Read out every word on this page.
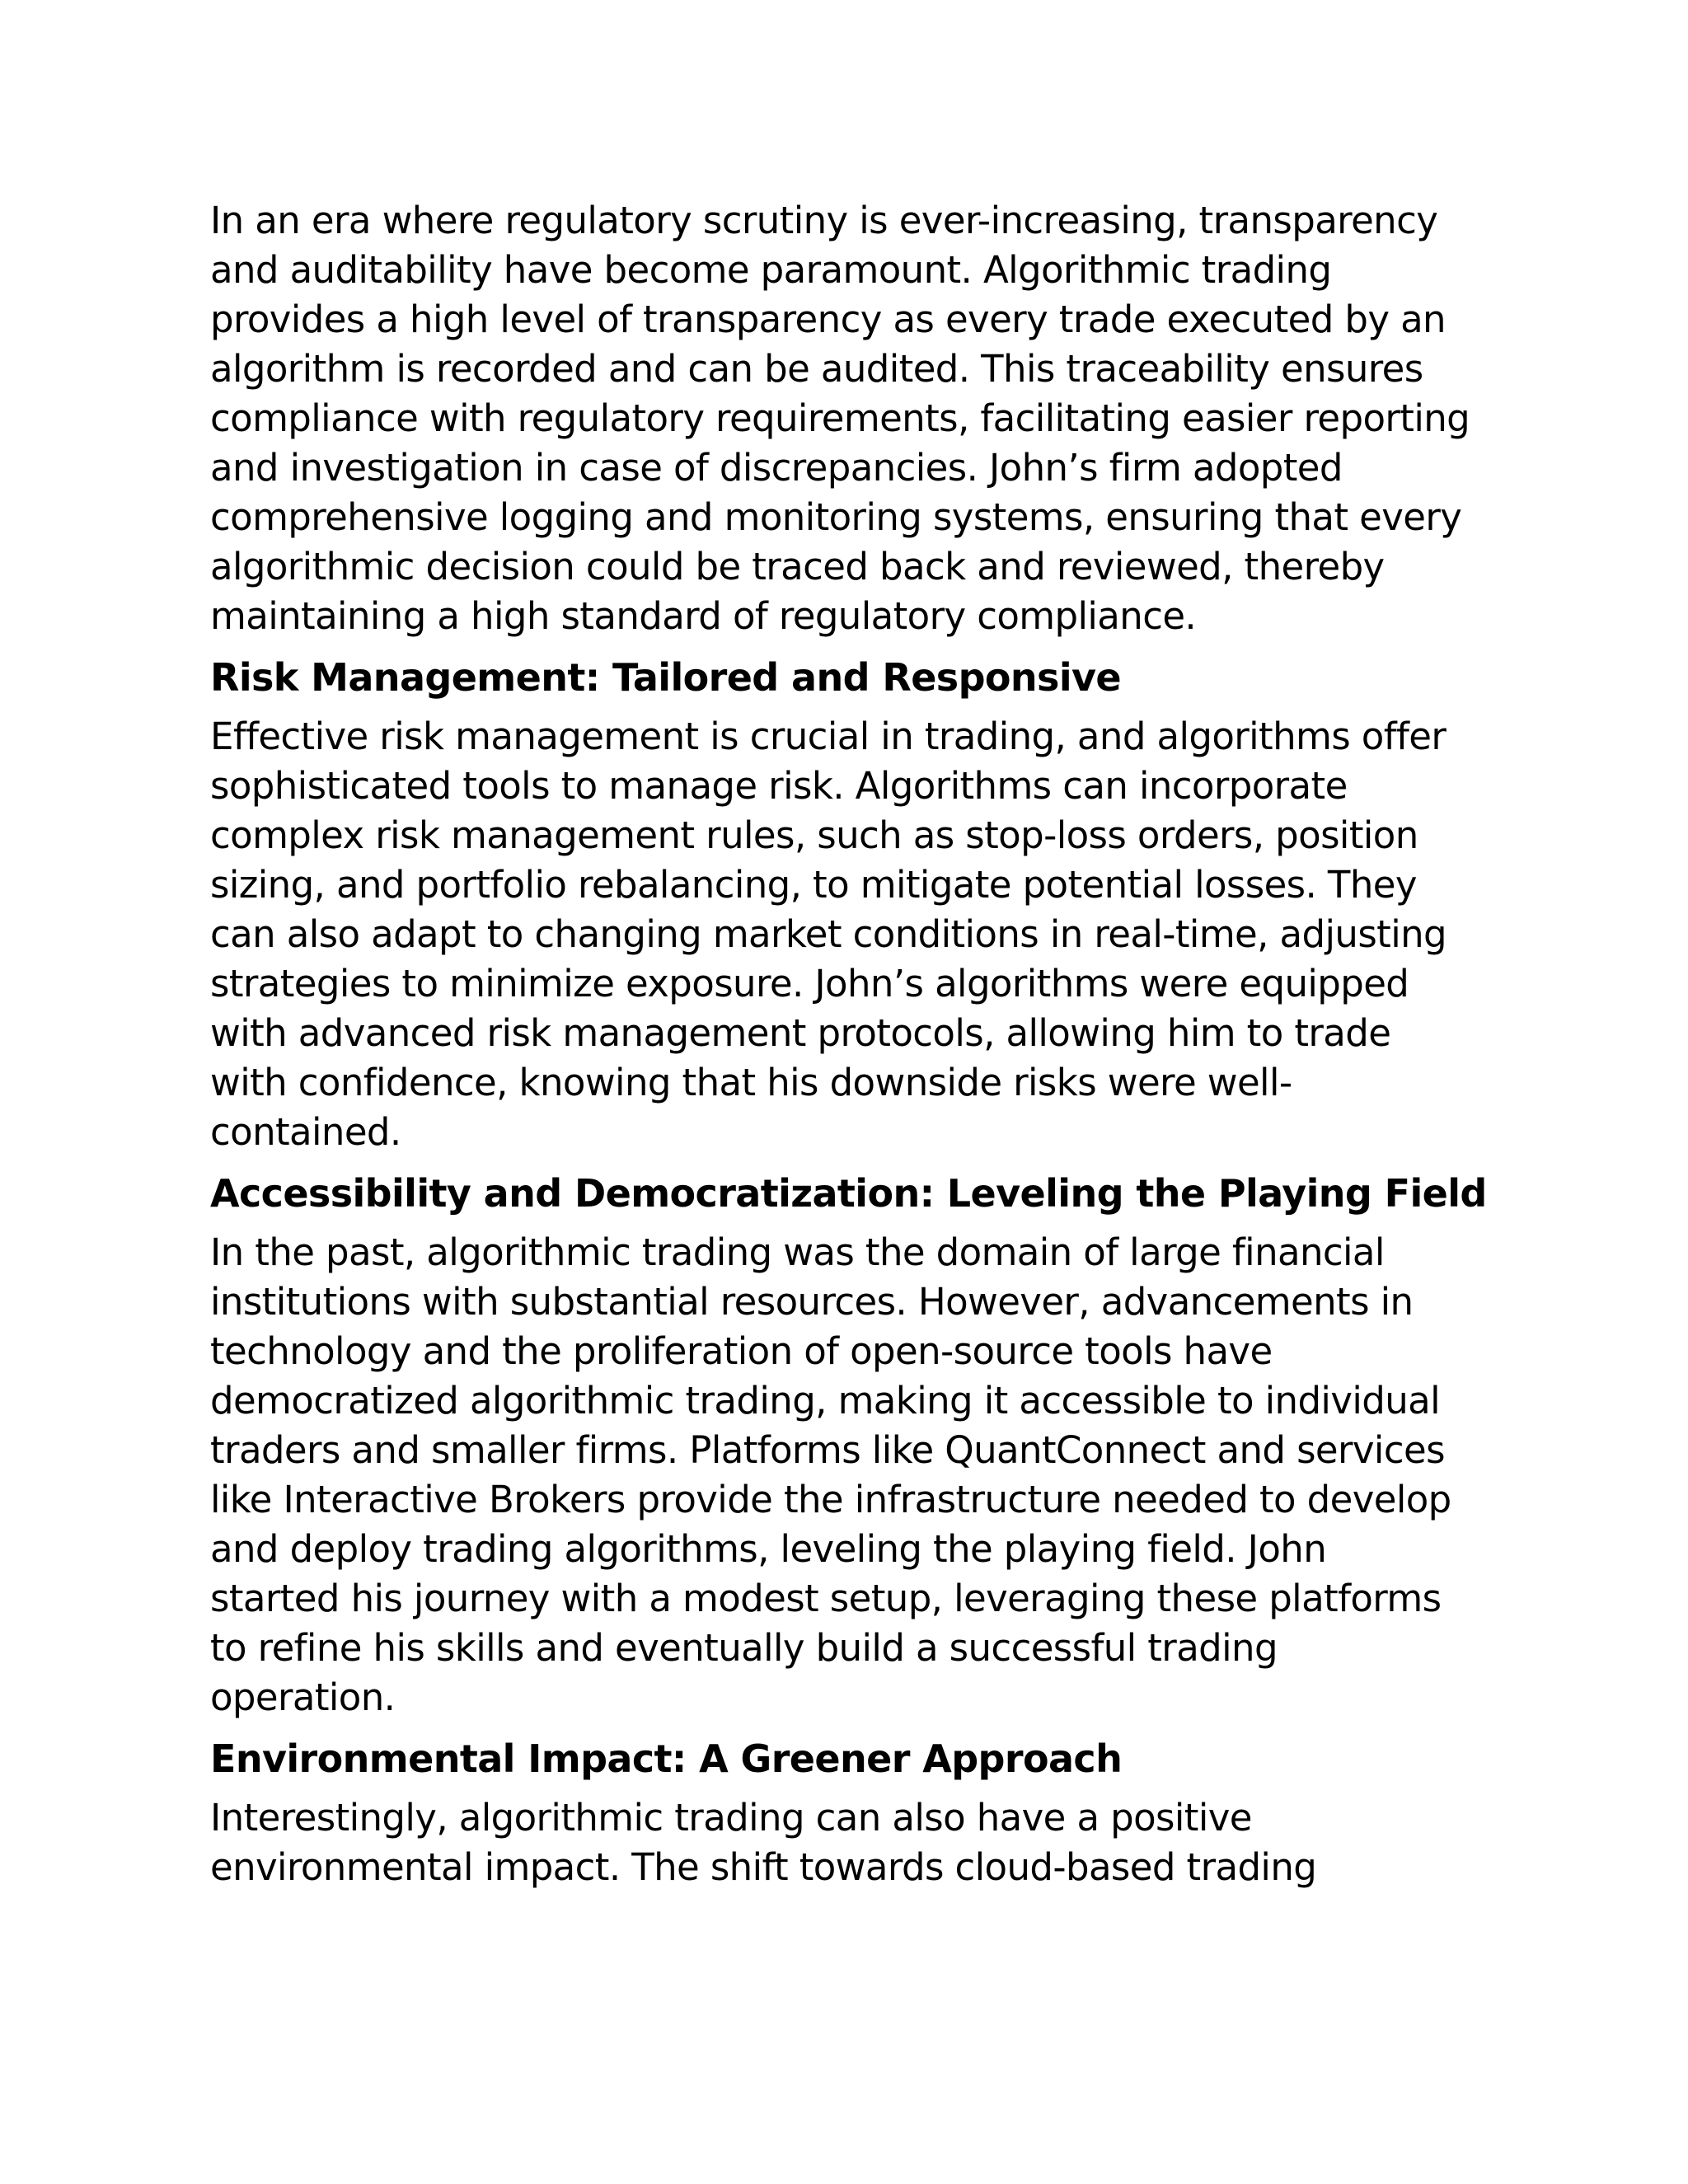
In an era where regulatory scrutiny is ever-increasing, transparency
and auditability have become paramount. Algorithmic trading
provides a high level of transparency as every trade executed by an
algorithm is recorded and can be audited. This traceability ensures
compliance with regulatory requirements, facilitating easier reporting
and investigation in case of discrepancies. John’s firm adopted
comprehensive logging and monitoring systems, ensuring that every
algorithmic decision could be traced back and reviewed, thereby
maintaining a high standard of regulatory compliance.

Risk Management: Tailored and Responsive

Effective risk management is crucial in trading, and algorithms offer
sophisticated tools to manage risk. Algorithms can incorporate
complex risk management rules, such as stop-loss orders, position
sizing, and portfolio rebalancing, to mitigate potential losses. They
can also adapt to changing market conditions in real-time, adjusting
strategies to minimize exposure. John’s algorithms were equipped
with advanced risk management protocols, allowing him to trade
with confidence, knowing that his downside risks were well-
contained.

Accessibility and Democratization: Leveling the Playing Field

In the past, algorithmic trading was the domain of large financial
institutions with substantial resources. However, advancements in
technology and the proliferation of open-source tools have
democratized algorithmic trading, making it accessible to individual
traders and smaller firms. Platforms like QuantConnect and services
like Interactive Brokers provide the infrastructure needed to develop
and deploy trading algorithms, leveling the playing field. John
started his journey with a modest setup, leveraging these platforms
to refine his skills and eventually build a successful trading
operation.

Environmental Impact: A Greener Approach

Interestingly, algorithmic trading can also have a positive
environmental impact. The shift towards cloud-based trading
